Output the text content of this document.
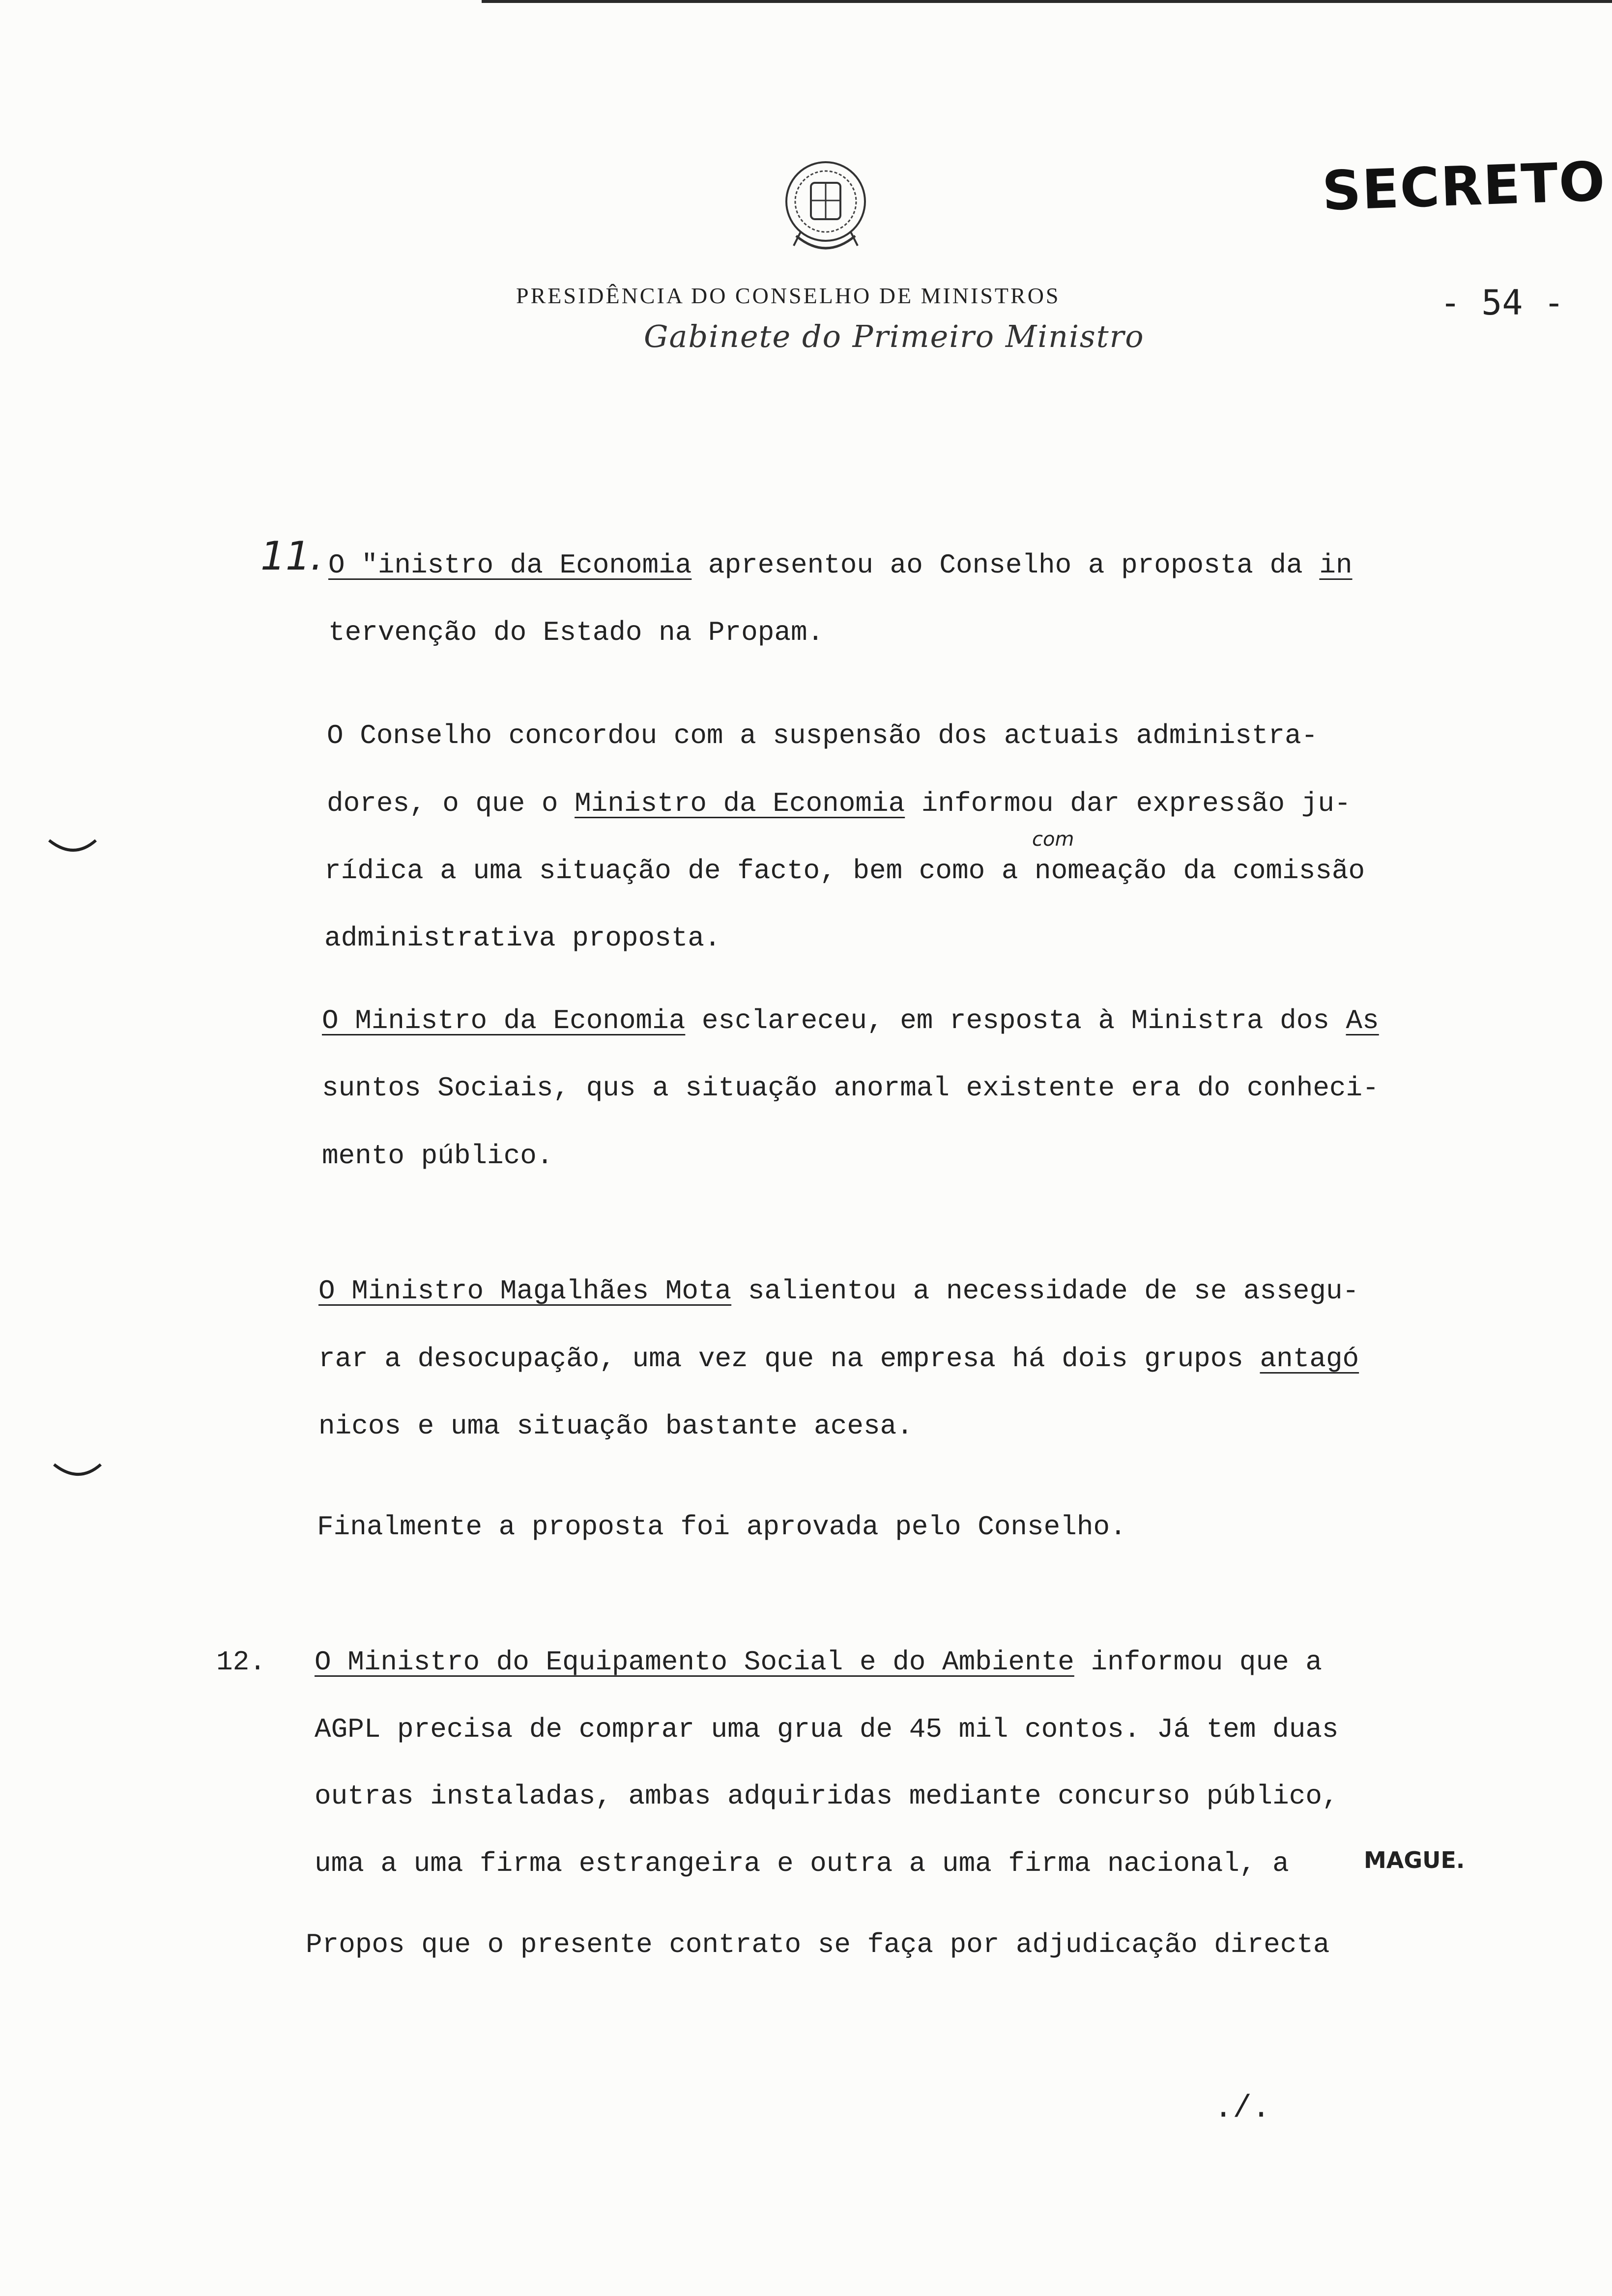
SECRETO
- 54 -
PRESIDÊNCIA DO CONSELHO DE MINISTROS
Gabinete do Primeiro Ministro
11. O "inistro da Economia apresentou ao Conselho a proposta da in
tervenção do Estado na Propam.
O Conselho concordou com a suspensão dos actuais administra-
dores, o que o Ministro da Economia informou dar expressão ju-
com
rídica a uma situação de facto, bem como a nomeação da comissão
administrativa proposta.
O Ministro da Economia esclareceu, em resposta à Ministra dos As
suntos Sociais, qus a situação anormal existente era do conheci-
mento público.
O Ministro Magalhães Mota salientou a necessidade de se assegu-
rar a desocupação, uma vez que na empresa há dois grupos antagó
nicos e uma situação bastante acesa.
Finalmente a proposta foi aprovada pelo Conselho.
12. O Ministro do Equipamento Social e do Ambiente informou que a
AGPL precisa de comprar uma grua de 45 mil contos. Já tem duas
outras instaladas, ambas adquiridas mediante concurso público,
uma a uma firma estrangeira e outra a uma firma nacional, a	MAGUE.
Propos que o presente contrato se faça por adjudicação directa
./.
